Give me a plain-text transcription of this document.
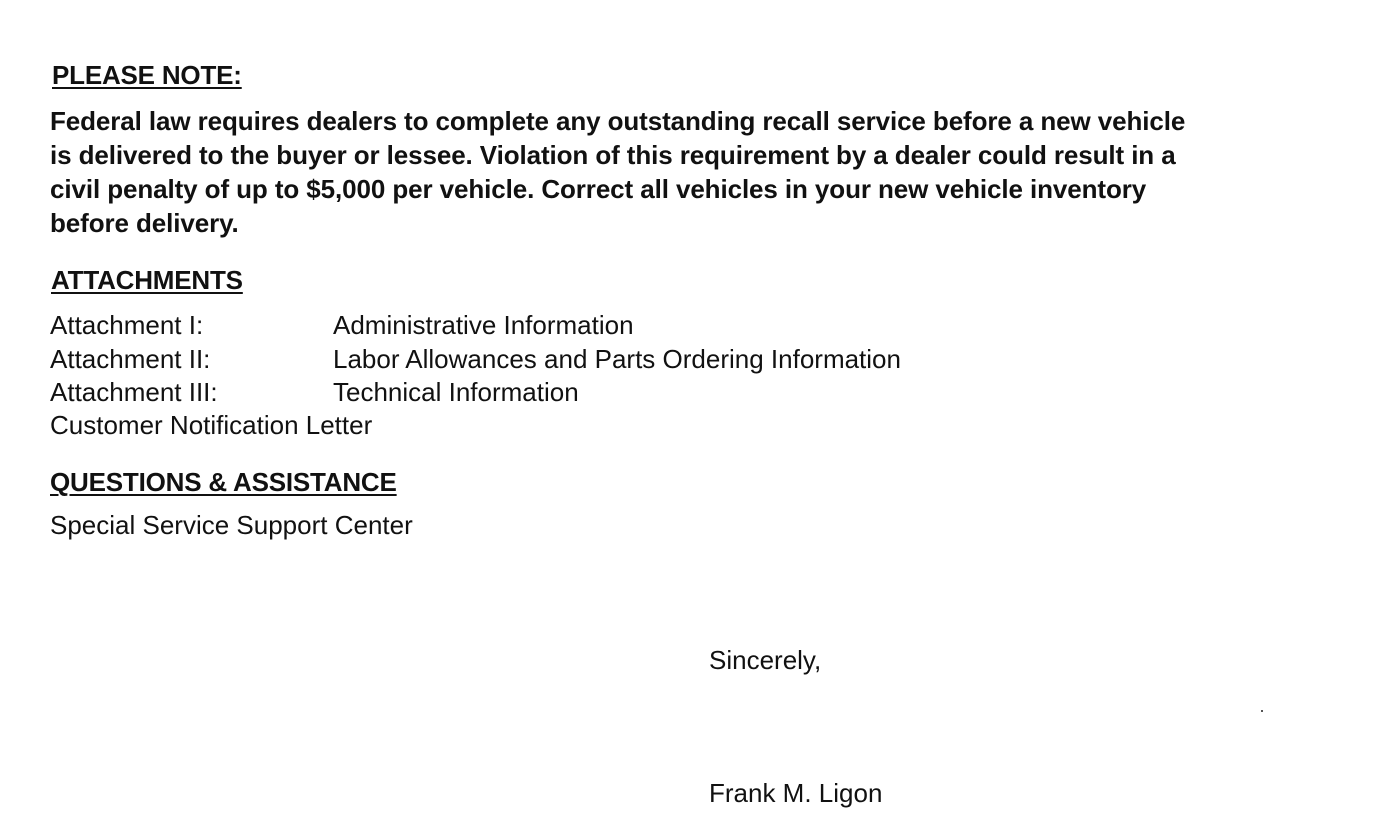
PLEASE NOTE:
Federal law requires dealers to complete any outstanding recall service before a new vehicle
is delivered to the buyer or lessee. Violation of this requirement by a dealer could result in a
civil penalty of up to $5,000 per vehicle. Correct all vehicles in your new vehicle inventory
before delivery.
ATTACHMENTS
Attachment I:	Administrative Information
Attachment II:	Labor Allowances and Parts Ordering Information
Attachment III:	Technical Information
Customer Notification Letter
QUESTIONS & ASSISTANCE
Special Service Support Center
Sincerely,
Frank M. Ligon
